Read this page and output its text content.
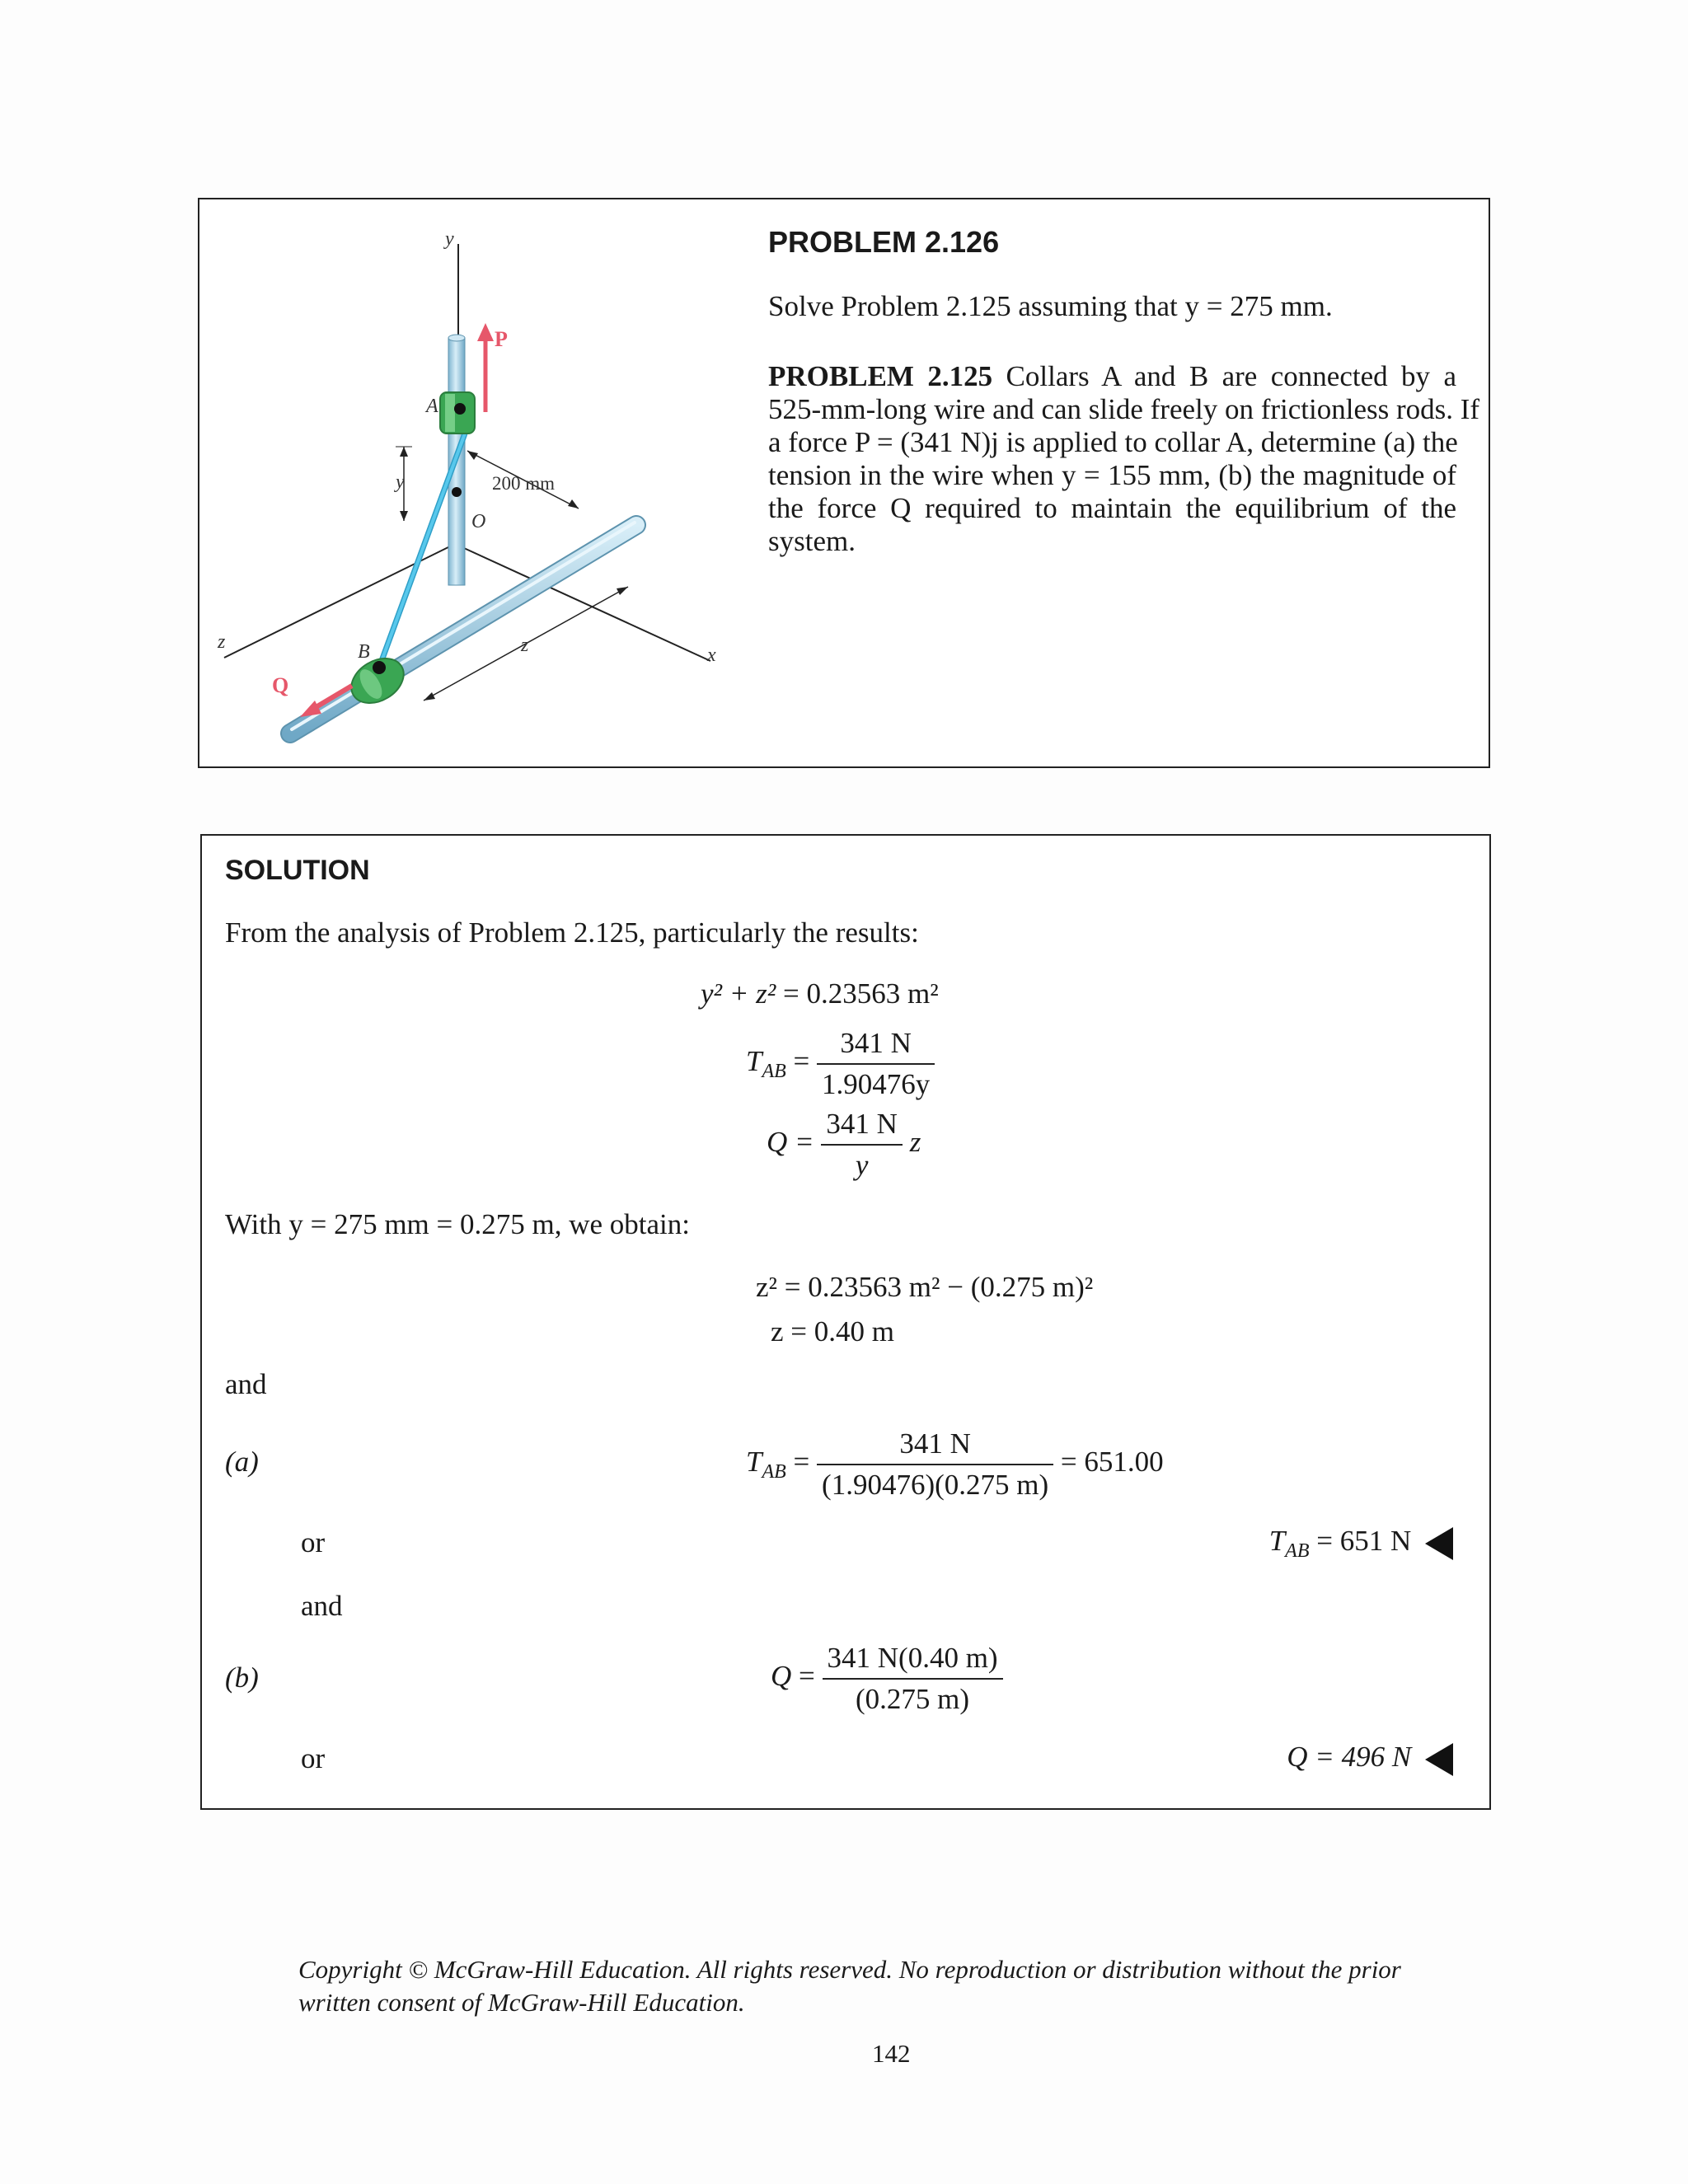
y
z
x
y	200 mm
z
A
O
P
B
Q
PROBLEM 2.126
Solve Problem 2.125 assuming that y = 275 mm.
PROBLEM 2.125 Collars A and B are connected by a
525-mm-long wire and can slide freely on frictionless rods. If
a force P = (341 N)j is applied to collar A, determine (a) the
tension in the wire when y = 155 mm, (b) the magnitude of
the force Q required to maintain the equilibrium of the
system.
SOLUTION
From the analysis of Problem 2.125, particularly the results:
y² + z² = 0.23563 m²
$T_{AB} = \frac{341 N}{1.90476y}$
$Q = \frac{341 N}{y}$ z
With y = 275 mm = 0.275 m, we obtain:
z² = 0.23563 m² − (0.275 m)²
z = 0.40 m
and
(a)	$T_{AB} = \frac{341 N}{(1.90476)(0.275 m)} = 651.00$
or	$T_{AB} = 651$ N
and
(b)	$Q = \frac{341 N(0.40 m)}{(0.275 m)}$
or	Q = 496 N
Copyright © McGraw-Hill Education. All rights reserved. No reproduction or distribution without the prior
written consent of McGraw-Hill Education.
142
